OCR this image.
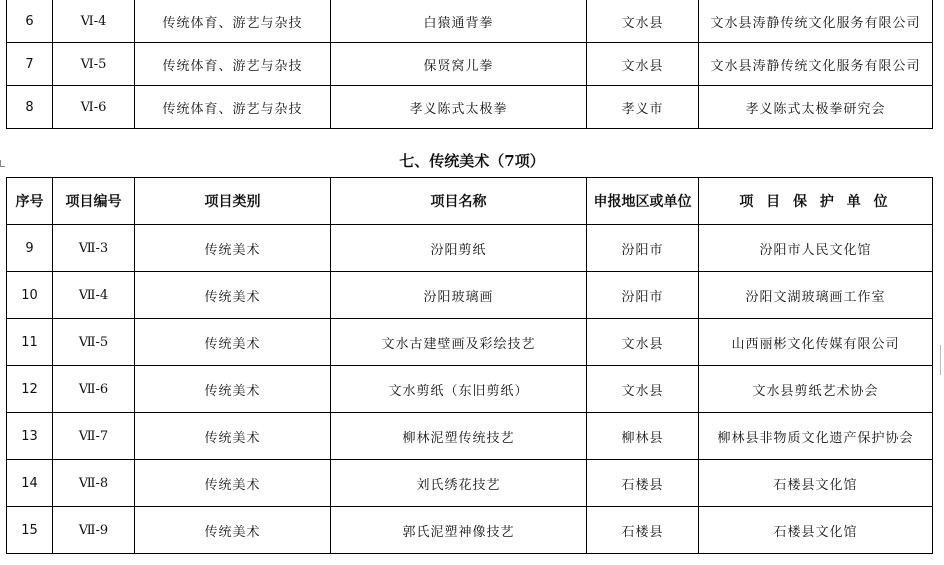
6	Ⅵ-4	传统体育、游艺与杂技	白猿通背拳	文水县	文水县涛静传统文化服务有限公司
7	Ⅵ-5	传统体育、游艺与杂技	保贤窝儿拳	文水县	文水县涛静传统文化服务有限公司
8	Ⅵ-6	传统体育、游艺与杂技	孝义陈式太极拳	孝义市	孝义陈式太极拳研究会
七、传统美术（7项）
序号	项目编号	项目类别	项目名称	申报地区或单位	项 目 保 护 单 位
9	Ⅶ-3	传统美术	汾阳剪纸	汾阳市	汾阳市人民文化馆
10	Ⅶ-4	传统美术	汾阳玻璃画	汾阳市	汾阳文湖玻璃画工作室
11	Ⅶ-5	传统美术	文水古建壁画及彩绘技艺	文水县	山西丽彬文化传媒有限公司
12	Ⅶ-6	传统美术	文水剪纸（东旧剪纸）	文水县	文水县剪纸艺术协会
13	Ⅶ-7	传统美术	柳林泥塑传统技艺	柳林县	柳林县非物质文化遗产保护协会
14	Ⅶ-8	传统美术	刘氏绣花技艺	石楼县	石楼县文化馆
15	Ⅶ-9	传统美术	郭氏泥塑神像技艺	石楼县	石楼县文化馆
